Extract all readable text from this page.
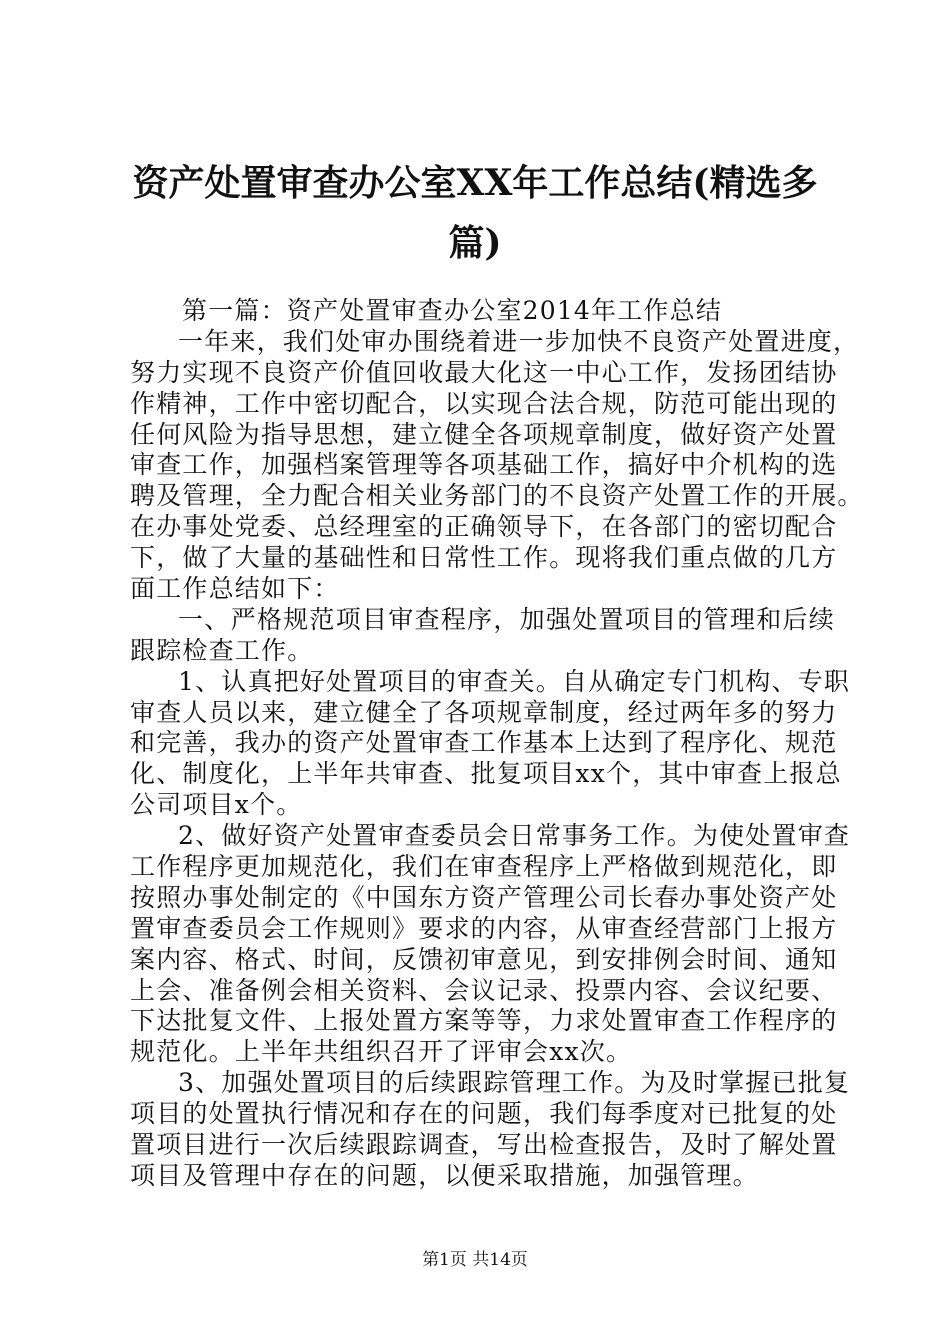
资产处置审查办公室XX年工作总结(精选多
篇)
第一篇：资产处置审查办公室2014年工作总结
一年来，我们处审办围绕着进一步加快不良资产处置进度，
努力实现不良资产价值回收最大化这一中心工作，发扬团结协
作精神，工作中密切配合，以实现合法合规，防范可能出现的
任何风险为指导思想，建立健全各项规章制度，做好资产处置
审查工作，加强档案管理等各项基础工作，搞好中介机构的选
聘及管理，全力配合相关业务部门的不良资产处置工作的开展。
在办事处党委、总经理室的正确领导下，在各部门的密切配合
下，做了大量的基础性和日常性工作。现将我们重点做的几方
面工作总结如下：
一、严格规范项目审查程序，加强处置项目的管理和后续
跟踪检查工作。
1、认真把好处置项目的审查关。自从确定专门机构、专职
审查人员以来，建立健全了各项规章制度，经过两年多的努力
和完善，我办的资产处置审查工作基本上达到了程序化、规范
化、制度化，上半年共审查、批复项目xx个，其中审查上报总
公司项目x个。
2、做好资产处置审查委员会日常事务工作。为使处置审查
工作程序更加规范化，我们在审查程序上严格做到规范化，即
按照办事处制定的《中国东方资产管理公司长春办事处资产处
置审查委员会工作规则》要求的内容，从审查经营部门上报方
案内容、格式、时间，反馈初审意见，到安排例会时间、通知
上会、准备例会相关资料、会议记录、投票内容、会议纪要、
下达批复文件、上报处置方案等等，力求处置审查工作程序的
规范化。上半年共组织召开了评审会xx次。
3、加强处置项目的后续跟踪管理工作。为及时掌握已批复
项目的处置执行情况和存在的问题，我们每季度对已批复的处
置项目进行一次后续跟踪调查，写出检查报告，及时了解处置
项目及管理中存在的问题，以便采取措施，加强管理。
第1页 共14页
